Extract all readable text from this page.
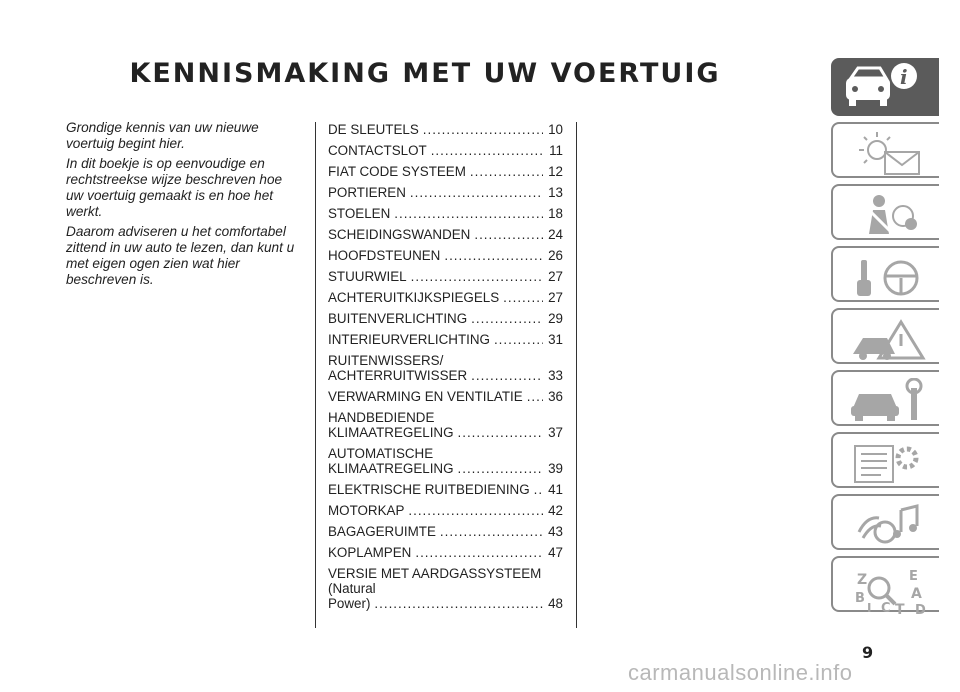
KENNISMAKING MET UW VOERTUIG

Grondige kennis van uw nieuwe voertuig begint hier.

In dit boekje is op eenvoudige en rechtstreekse wijze beschreven hoe uw voertuig gemaakt is en hoe het werkt.

Daarom adviseren u het comfortabel zittend in uw auto te lezen, dan kunt u met eigen ogen zien wat hier beschreven is.

DE SLEUTELS .....	10
CONTACTSLOT .....	11
FIAT CODE SYSTEEM .....	12
PORTIEREN .....	13
STOELEN .....	18
SCHEIDINGSWANDEN .....	24
HOOFDSTEUNEN .....	26
STUURWIEL .....	27
ACHTERUITKIJKSPIEGELS .....	27
BUITENVERLICHTING .....	29
INTERIEURVERLICHTING .....	31
RUITENWISSERS/
ACHTERRUITWISSER .....	33
VERWARMING EN VENTILATIE ..... 36
HANDBEDIENDE
KLIMAATREGELING .....	37
AUTOMATISCHE
KLIMAATREGELING .....	39
ELEKTRISCHE RUITBEDIENING ..... 41
MOTORKAP .....	42
BAGAGERUIMTE .....	43
KOPLAMPEN .....	47
VERSIE MET AARDGASSYSTEEM (Natural
Power) .....	48
i
Z	E
B	A
I C T D
9
carmanualsonline.info
